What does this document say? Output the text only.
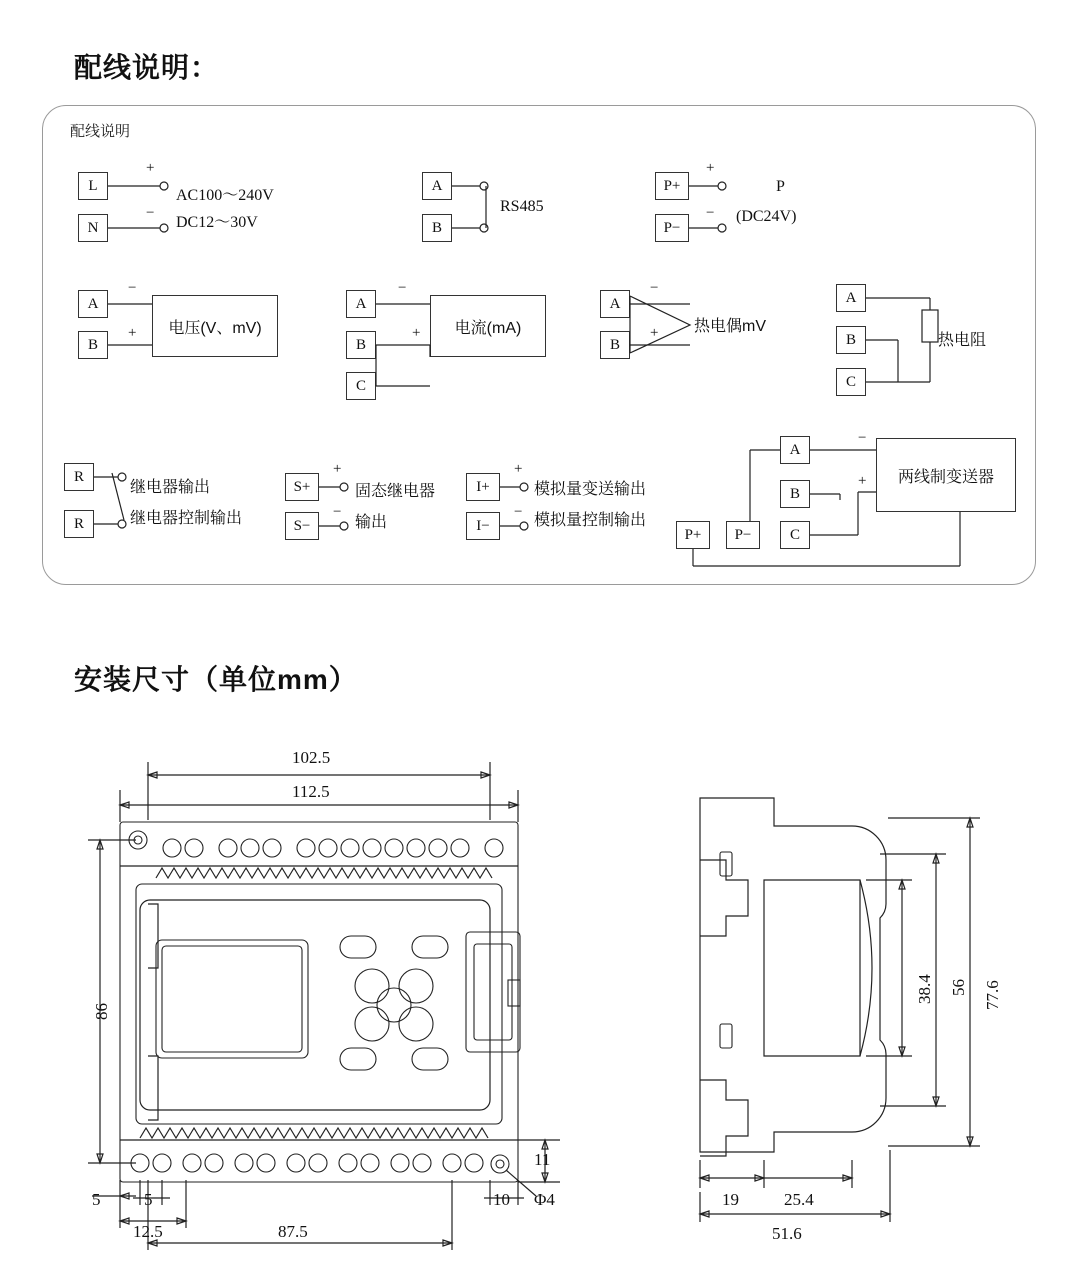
配线说明：
安装尺寸（单位mm）
配线说明
L
N
+
−
AC100～240V
DC12～30V
A
B
RS485
P+
P−
+
−
P
(DC24V)
A
B
−
+	电压(V、mV)
A
B
C
−
+	电流(mA)
A
B
−
+ 热电偶mV
A
B
C
热电阻
R
R
继电器输出
继电器控制输出
S+
S−
+
−
固态继电器
输出
I+
I−
+
−
模拟量变送输出
模拟量控制输出
A
B
C
P+	P−
−
+	两线制变送器
102.5
112.5
86
87.5
12.5
5	5	10
11
Φ4
77.6
56
38.4
19	25.4
51.6
